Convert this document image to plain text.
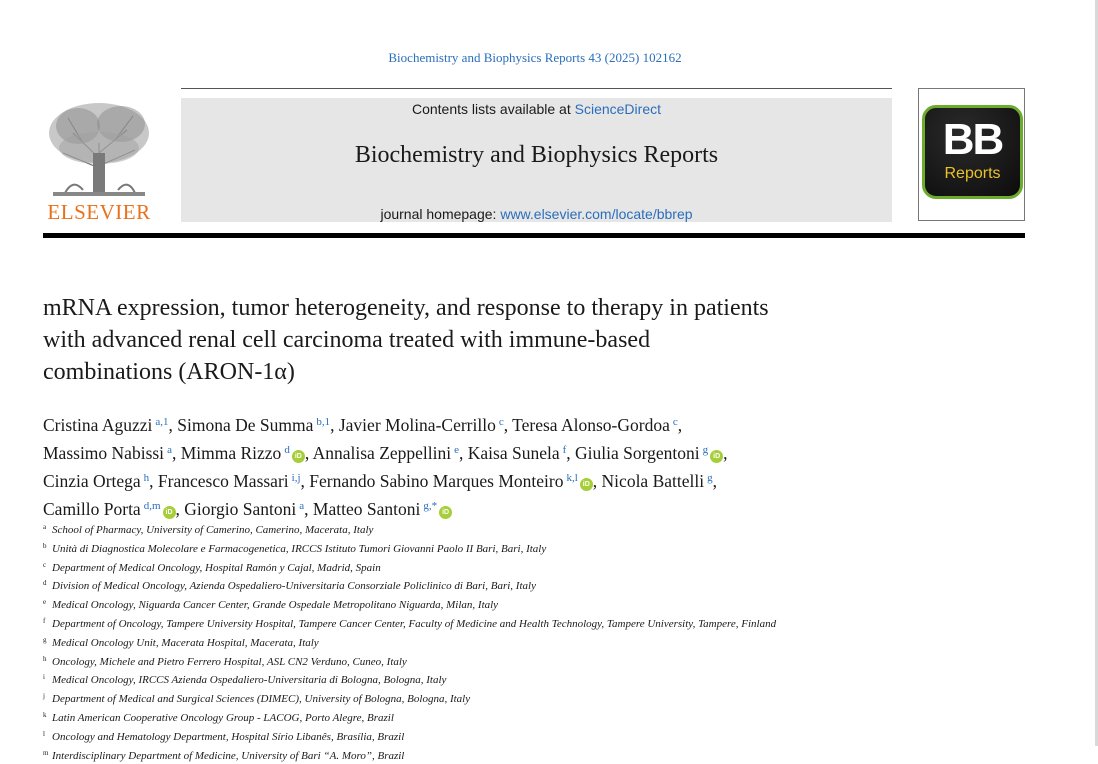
Biochemistry and Biophysics Reports 43 (2025) 102162
ELSEVIER
Contents lists available at ScienceDirect
Biochemistry and Biophysics Reports
journal homepage: www.elsevier.com/locate/bbrep
BB
Reports
mRNA expression, tumor heterogeneity, and response to therapy in patients
with advanced renal cell carcinoma treated with immune-based
combinations (ARON-1α)
Cristina Aguzzi $^{a,1}$, Simona De Summa $^{b,1}$, Javier Molina-Cerrillo $^c$, Teresa Alonso-Gordoa $^c$,
Massimo Nabissi $^a$, Mimma Rizzo $^d$iD , Annalisa Zeppellini $^e$, Kaisa Sunela $^f$, Giulia Sorgentoni $^g$iD ,
Cinzia Ortega $^h$, Francesco Massari $^{i,j}$, Fernando Sabino Marques Monteiro $^{k,l}$iD , Nicola Battelli $^g$,
Camillo Porta $^{d,m}$iD , Giorgio Santoni $^a$, Matteo Santoni $^{g,*}$iD
a School of Pharmacy, University of Camerino, Camerino, Macerata, Italy
b Unità di Diagnostica Molecolare e Farmacogenetica, IRCCS Istituto Tumori Giovanni Paolo II Bari, Bari, Italy
c Department of Medical Oncology, Hospital Ramón y Cajal, Madrid, Spain
d Division of Medical Oncology, Azienda Ospedaliero-Universitaria Consorziale Policlinico di Bari, Bari, Italy
e Medical Oncology, Niguarda Cancer Center, Grande Ospedale Metropolitano Niguarda, Milan, Italy
f Department of Oncology, Tampere University Hospital, Tampere Cancer Center, Faculty of Medicine and Health Technology, Tampere University, Tampere, Finland
g Medical Oncology Unit, Macerata Hospital, Macerata, Italy
h Oncology, Michele and Pietro Ferrero Hospital, ASL CN2 Verduno, Cuneo, Italy
i Medical Oncology, IRCCS Azienda Ospedaliero-Universitaria di Bologna, Bologna, Italy
j Department of Medical and Surgical Sciences (DIMEC), University of Bologna, Bologna, Italy
k Latin American Cooperative Oncology Group - LACOG, Porto Alegre, Brazil
l Oncology and Hematology Department, Hospital Sírio Libanês, Brasília, Brazil
m Interdisciplinary Department of Medicine, University of Bari “A. Moro”, Brazil
